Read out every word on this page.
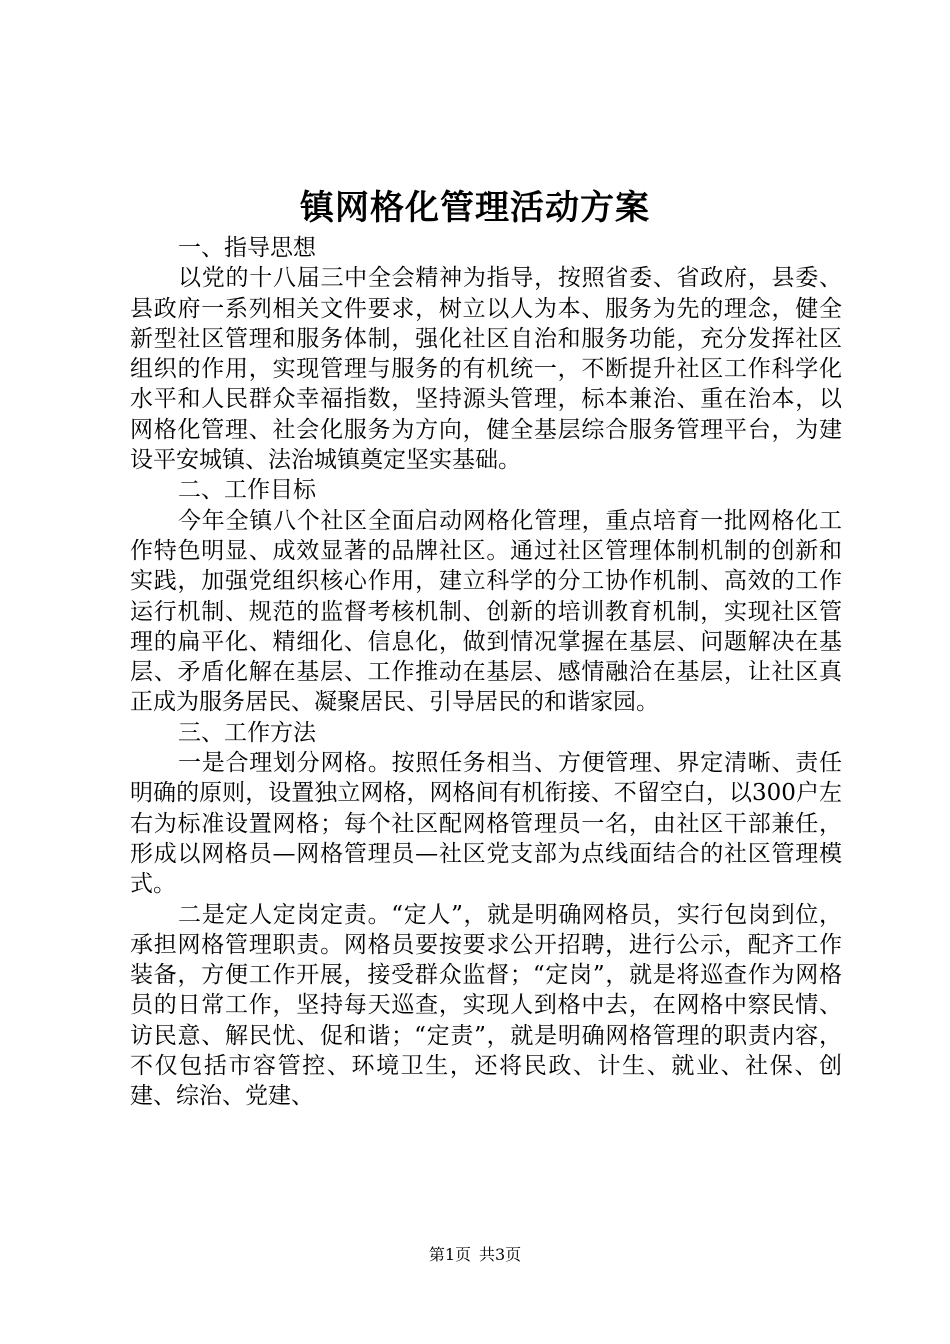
镇网格化管理活动方案

一、指导思想

以党的十八届三中全会精神为指导，按照省委、省政府，县委、县政府一系列相关文件要求，树立以人为本、服务为先的理念，健全新型社区管理和服务体制，强化社区自治和服务功能，充分发挥社区组织的作用，实现管理与服务的有机统一，不断提升社区工作科学化水平和人民群众幸福指数，坚持源头管理，标本兼治、重在治本，以网格化管理、社会化服务为方向，健全基层综合服务管理平台，为建设平安城镇、法治城镇奠定坚实基础。

二、工作目标

今年全镇八个社区全面启动网格化管理，重点培育一批网格化工作特色明显、成效显著的品牌社区。通过社区管理体制机制的创新和实践，加强党组织核心作用，建立科学的分工协作机制、高效的工作运行机制、规范的监督考核机制、创新的培训教育机制，实现社区管理的扁平化、精细化、信息化，做到情况掌握在基层、问题解决在基层、矛盾化解在基层、工作推动在基层、感情融洽在基层，让社区真正成为服务居民、凝聚居民、引导居民的和谐家园。

三、工作方法

一是合理划分网格。按照任务相当、方便管理、界定清晰、责任明确的原则，设置独立网格，网格间有机衔接、不留空白，以300户左右为标准设置网格；每个社区配网格管理员一名，由社区干部兼任，形成以网格员—网格管理员—社区党支部为点线面结合的社区管理模式。

二是定人定岗定责。“定人”，就是明确网格员，实行包岗到位，承担网格管理职责。网格员要按要求公开招聘，进行公示，配齐工作装备，方便工作开展，接受群众监督；“定岗”，就是将巡查作为网格员的日常工作，坚持每天巡查，实现人到格中去，在网格中察民情、访民意、解民忧、促和谐；“定责”，就是明确网格管理的职责内容，不仅包括市容管控、环境卫生，还将民政、计生、就业、社保、创建、综治、党建、

第1页 共3页
